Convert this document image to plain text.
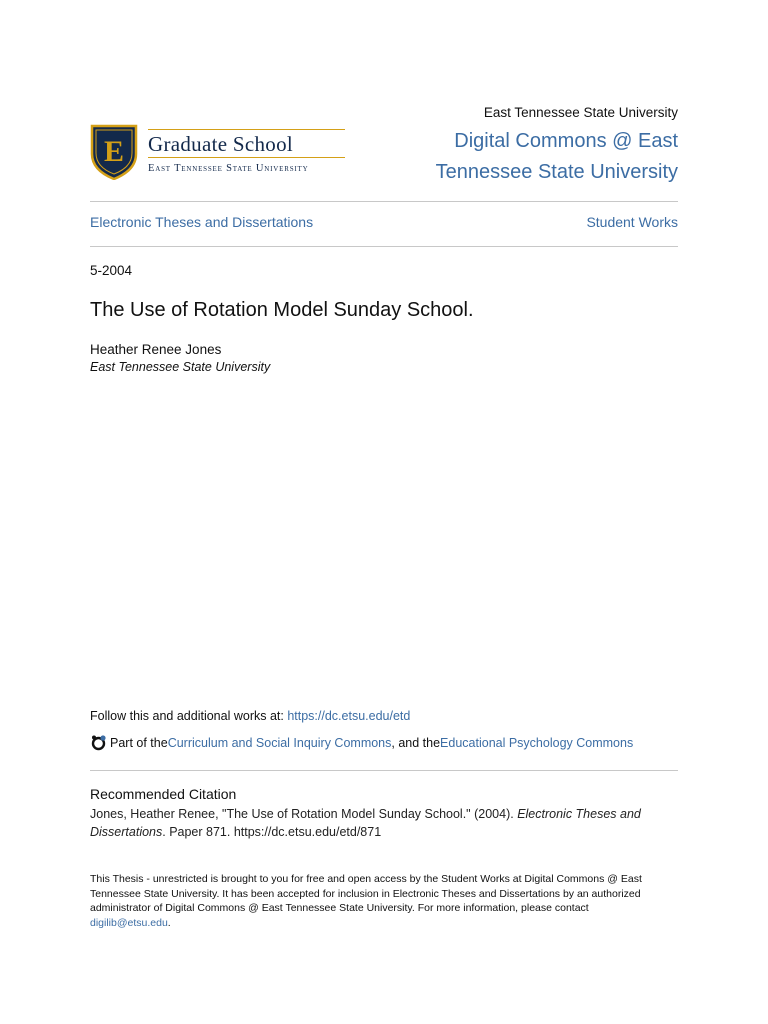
E Graduate School
East Tennessee State University
East Tennessee State University
Digital Commons @ East
Tennessee State University
Electronic Theses and Dissertations	Student Works
5-2004
The Use of Rotation Model Sunday School.
Heather Renee Jones
East Tennessee State University
Follow this and additional works at: https://dc.etsu.edu/etd
Part of the Curriculum and Social Inquiry Commons , and the Educational Psychology Commons
Recommended Citation
Jones, Heather Renee, "The Use of Rotation Model Sunday School." (2004). Electronic Theses and Dissertations. Paper 871. https://dc.etsu.edu/etd/871
This Thesis - unrestricted is brought to you for free and open access by the Student Works at Digital Commons @ East Tennessee State University. It has been accepted for inclusion in Electronic Theses and Dissertations by an authorized administrator of Digital Commons @ East Tennessee State University. For more information, please contact digilib@etsu.edu.
